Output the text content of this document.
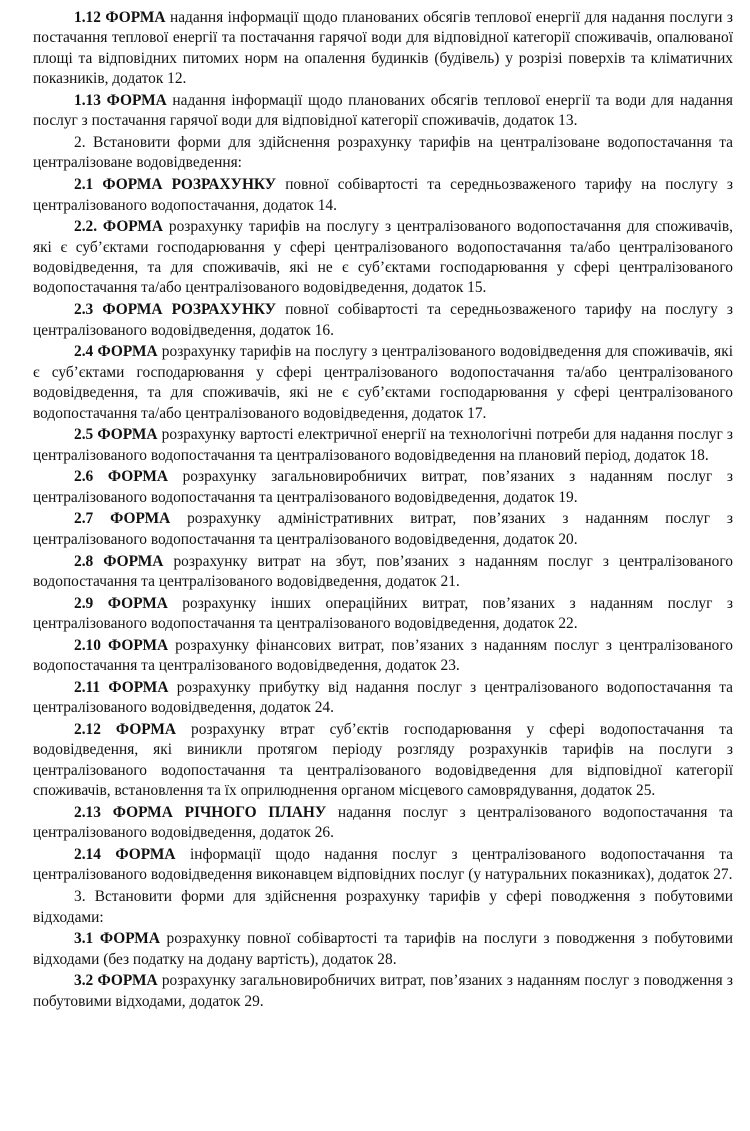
1.12 ФОРМА надання інформації щодо планованих обсягів теплової енергії для надання послуги з постачання теплової енергії та постачання гарячої води для відповідної категорії споживачів, опалюваної площі та відповідних питомих норм на опалення будинків (будівель) у розрізі поверхів та кліматичних показників, додаток 12.

1.13 ФОРМА надання інформації щодо планованих обсягів теплової енергії та води для надання послуг з постачання гарячої води для відповідної категорії споживачів, додаток 13.

2. Встановити форми для здійснення розрахунку тарифів на централізоване водопостачання та централізоване водовідведення:

2.1 ФОРМА РОЗРАХУНКУ повної собівартості та середньозваженого тарифу на послугу з централізованого водопостачання, додаток 14.

2.2. ФОРМА розрахунку тарифів на послугу з централізованого водопостачання для споживачів, які є суб’єктами господарювання у сфері централізованого водопостачання та/або централізованого водовідведення, та для споживачів, які не є суб’єктами господарювання у сфері централізованого водопостачання та/або централізованого водовідведення, додаток 15.

2.3 ФОРМА РОЗРАХУНКУ повної собівартості та середньозваженого тарифу на послугу з централізованого водовідведення, додаток 16.

2.4 ФОРМА розрахунку тарифів на послугу з централізованого водовідведення для споживачів, які є суб’єктами господарювання у сфері централізованого водопостачання та/або централізованого водовідведення, та для споживачів, які не є суб’єктами господарювання у сфері централізованого водопостачання та/або централізованого водовідведення, додаток 17.

2.5 ФОРМА розрахунку вартості електричної енергії на технологічні потреби для надання послуг з централізованого водопостачання та централізованого водовідведення на плановий період, додаток 18.

2.6 ФОРМА розрахунку загальновиробничих витрат, пов’язаних з наданням послуг з централізованого водопостачання та централізованого водовідведення, додаток 19.

2.7 ФОРМА розрахунку адміністративних витрат, пов’язаних з наданням послуг з централізованого водопостачання та централізованого водовідведення, додаток 20.

2.8 ФОРМА розрахунку витрат на збут, пов’язаних з наданням послуг з централізованого водопостачання та централізованого водовідведення, додаток 21.

2.9 ФОРМА розрахунку інших операційних витрат, пов’язаних з наданням послуг з централізованого водопостачання та централізованого водовідведення, додаток 22.

2.10 ФОРМА розрахунку фінансових витрат, пов’язаних з наданням послуг з централізованого водопостачання та централізованого водовідведення, додаток 23.

2.11 ФОРМА розрахунку прибутку від надання послуг з централізованого водопостачання та централізованого водовідведення, додаток 24.

2.12 ФОРМА розрахунку втрат суб’єктів господарювання у сфері водопостачання та водовідведення, які виникли протягом періоду розгляду розрахунків тарифів на послуги з централізованого водопостачання та централізованого водовідведення для відповідної категорії споживачів, встановлення та їх оприлюднення органом місцевого самоврядування, додаток 25.

2.13 ФОРМА РІЧНОГО ПЛАНУ надання послуг з централізованого водопостачання та централізованого водовідведення, додаток 26.

2.14 ФОРМА інформації щодо надання послуг з централізованого водопостачання та централізованого водовідведення виконавцем відповідних послуг (у натуральних показниках), додаток 27.

3. Встановити форми для здійснення розрахунку тарифів у сфері поводження з побутовими відходами:

3.1 ФОРМА розрахунку повної собівартості та тарифів на послуги з поводження з побутовими відходами (без податку на додану вартість), додаток 28.

3.2 ФОРМА розрахунку загальновиробничих витрат, пов’язаних з наданням послуг з поводження з побутовими відходами, додаток 29.
